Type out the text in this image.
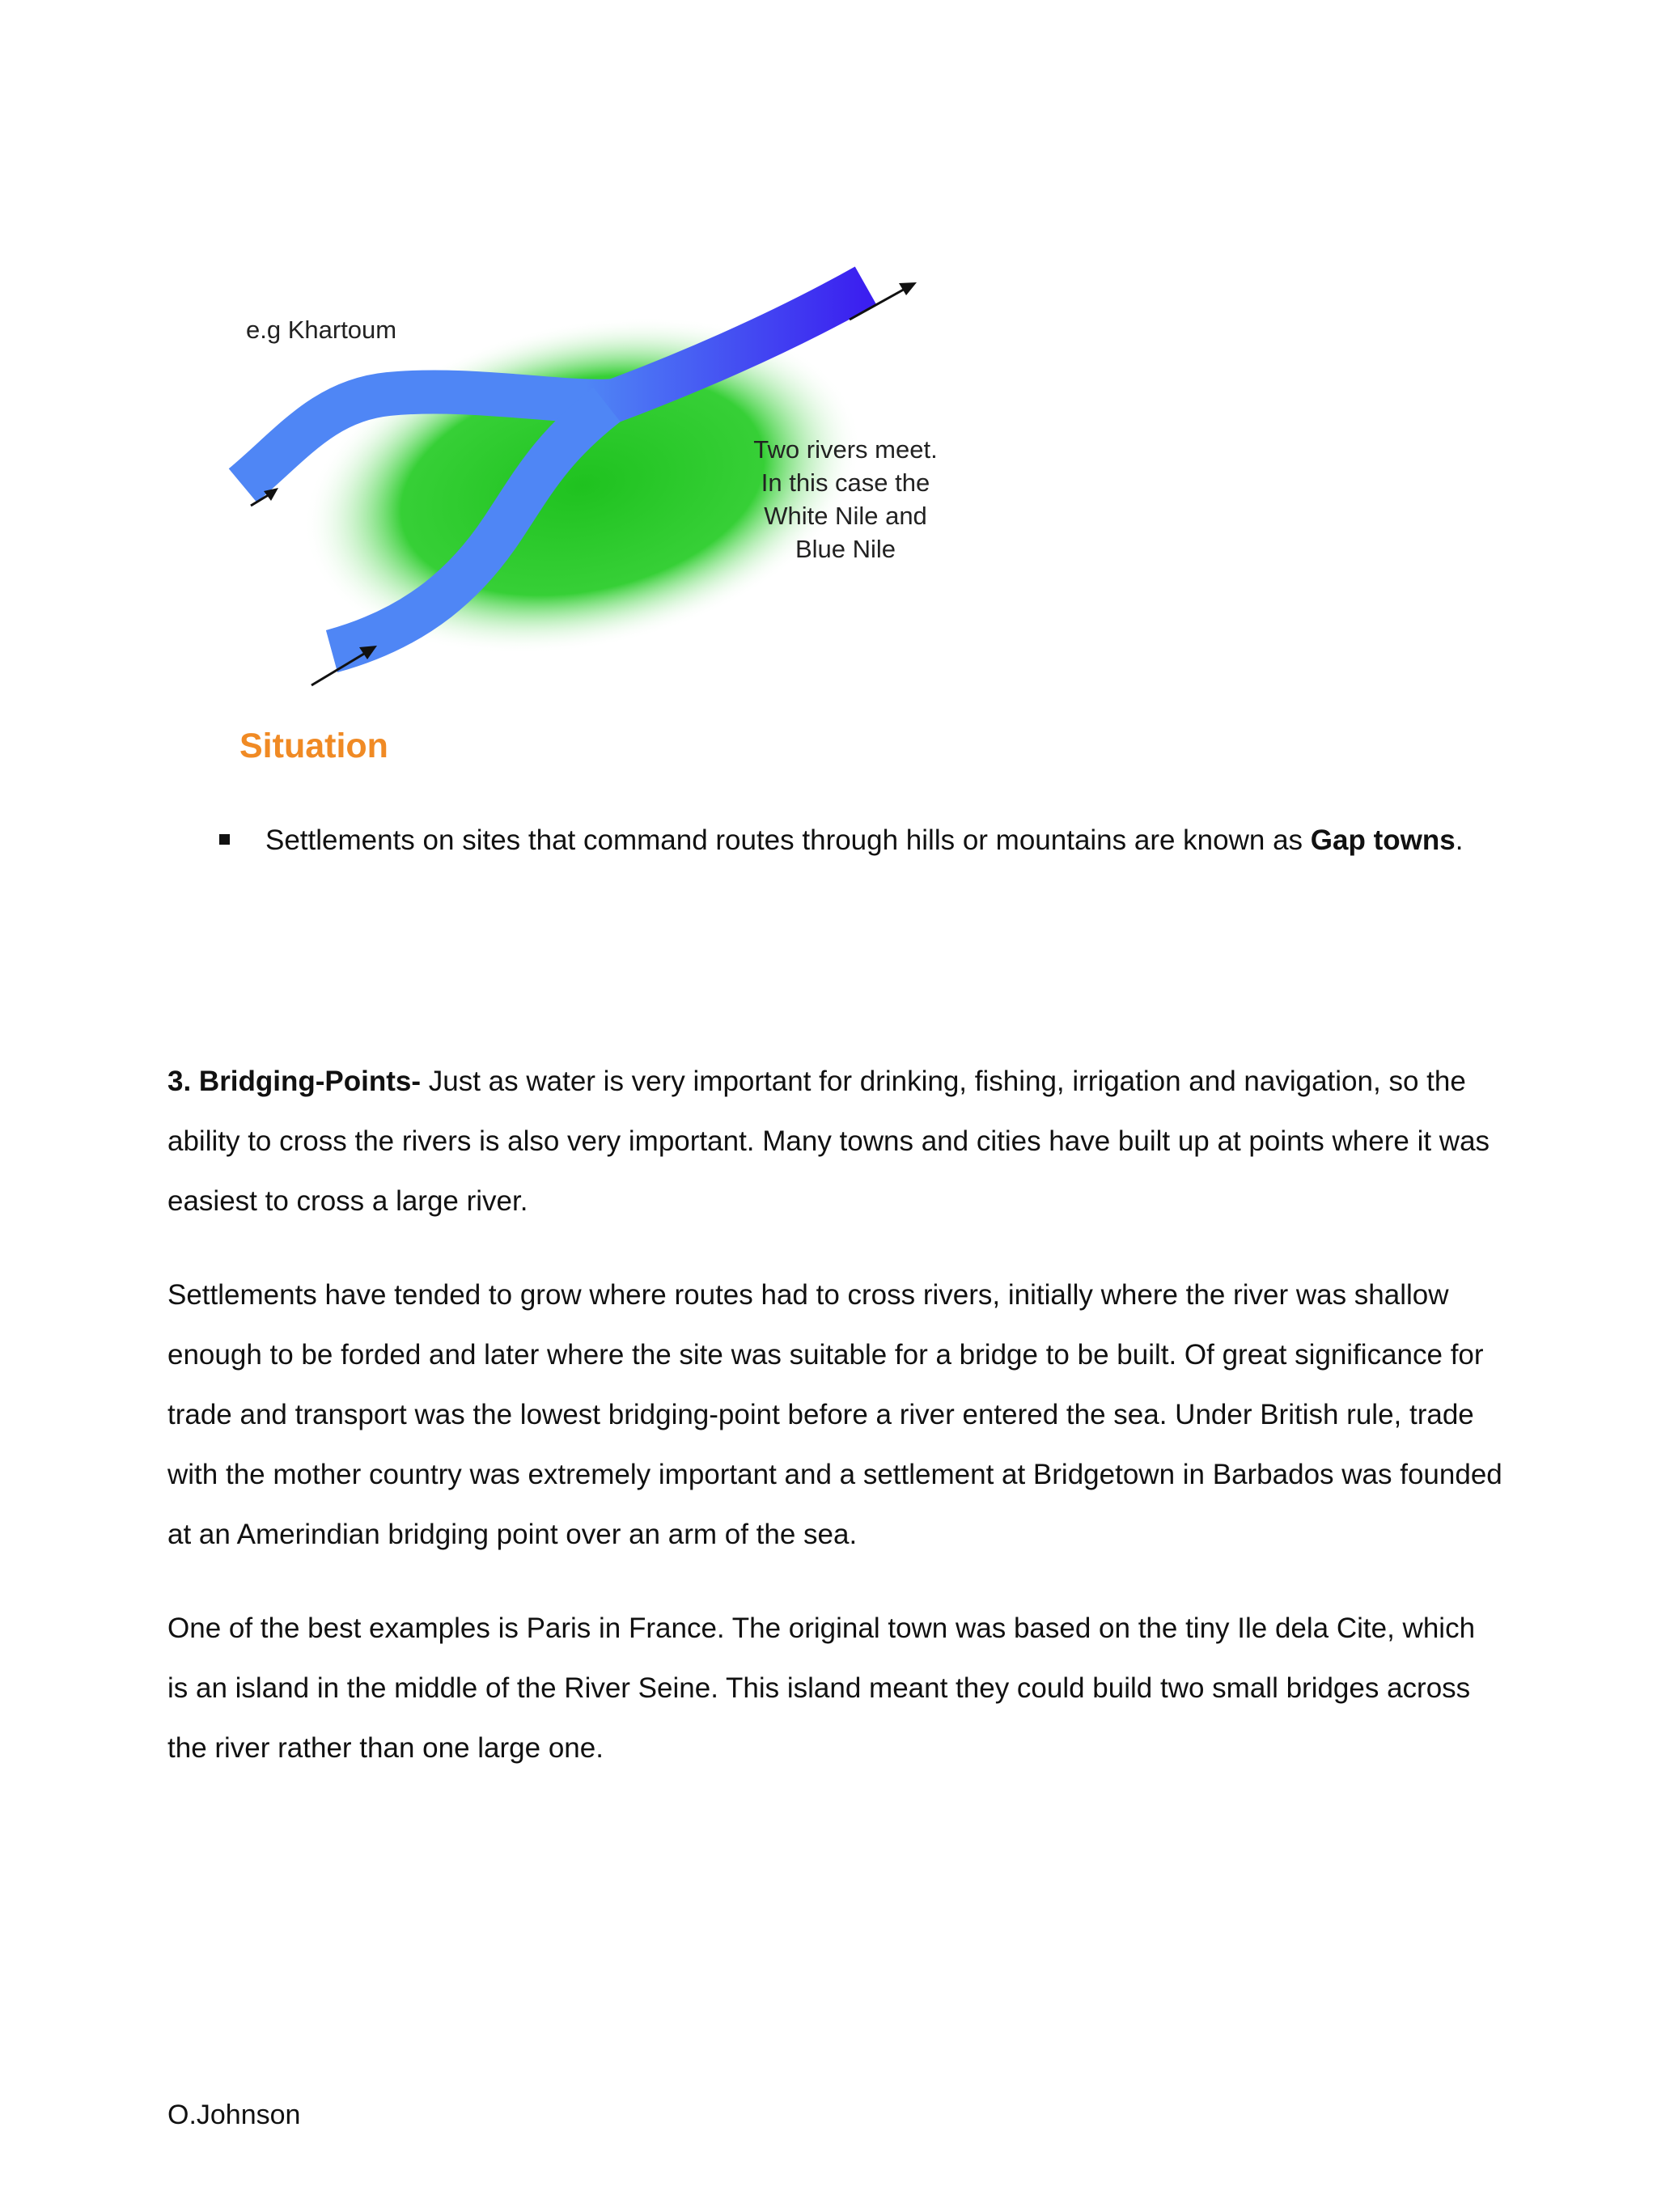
e.g Khartoum
Two rivers meet.
In this case the
White Nile and
Blue Nile
Situation
Settlements on sites that command routes through hills or mountains are known as Gap towns.

3. Bridging-Points- Just as water is very important for drinking, fishing, irrigation and navigation, so the ability to cross the rivers is also very important. Many towns and cities have built up at points where it was easiest to cross a large river.

Settlements have tended to grow where routes had to cross rivers, initially where the river was shallow enough to be forded and later where the site was suitable for a bridge to be built. Of great significance for trade and transport was the lowest bridging-point before a river entered the sea. Under British rule, trade with the mother country was extremely important and a settlement at Bridgetown in Barbados was founded at an Amerindian bridging point over an arm of the sea.

One of the best examples is Paris in France. The original town was based on the tiny Ile dela Cite, which is an island in the middle of the River Seine. This island meant they could build two small bridges across the river rather than one large one.

O.Johnson
